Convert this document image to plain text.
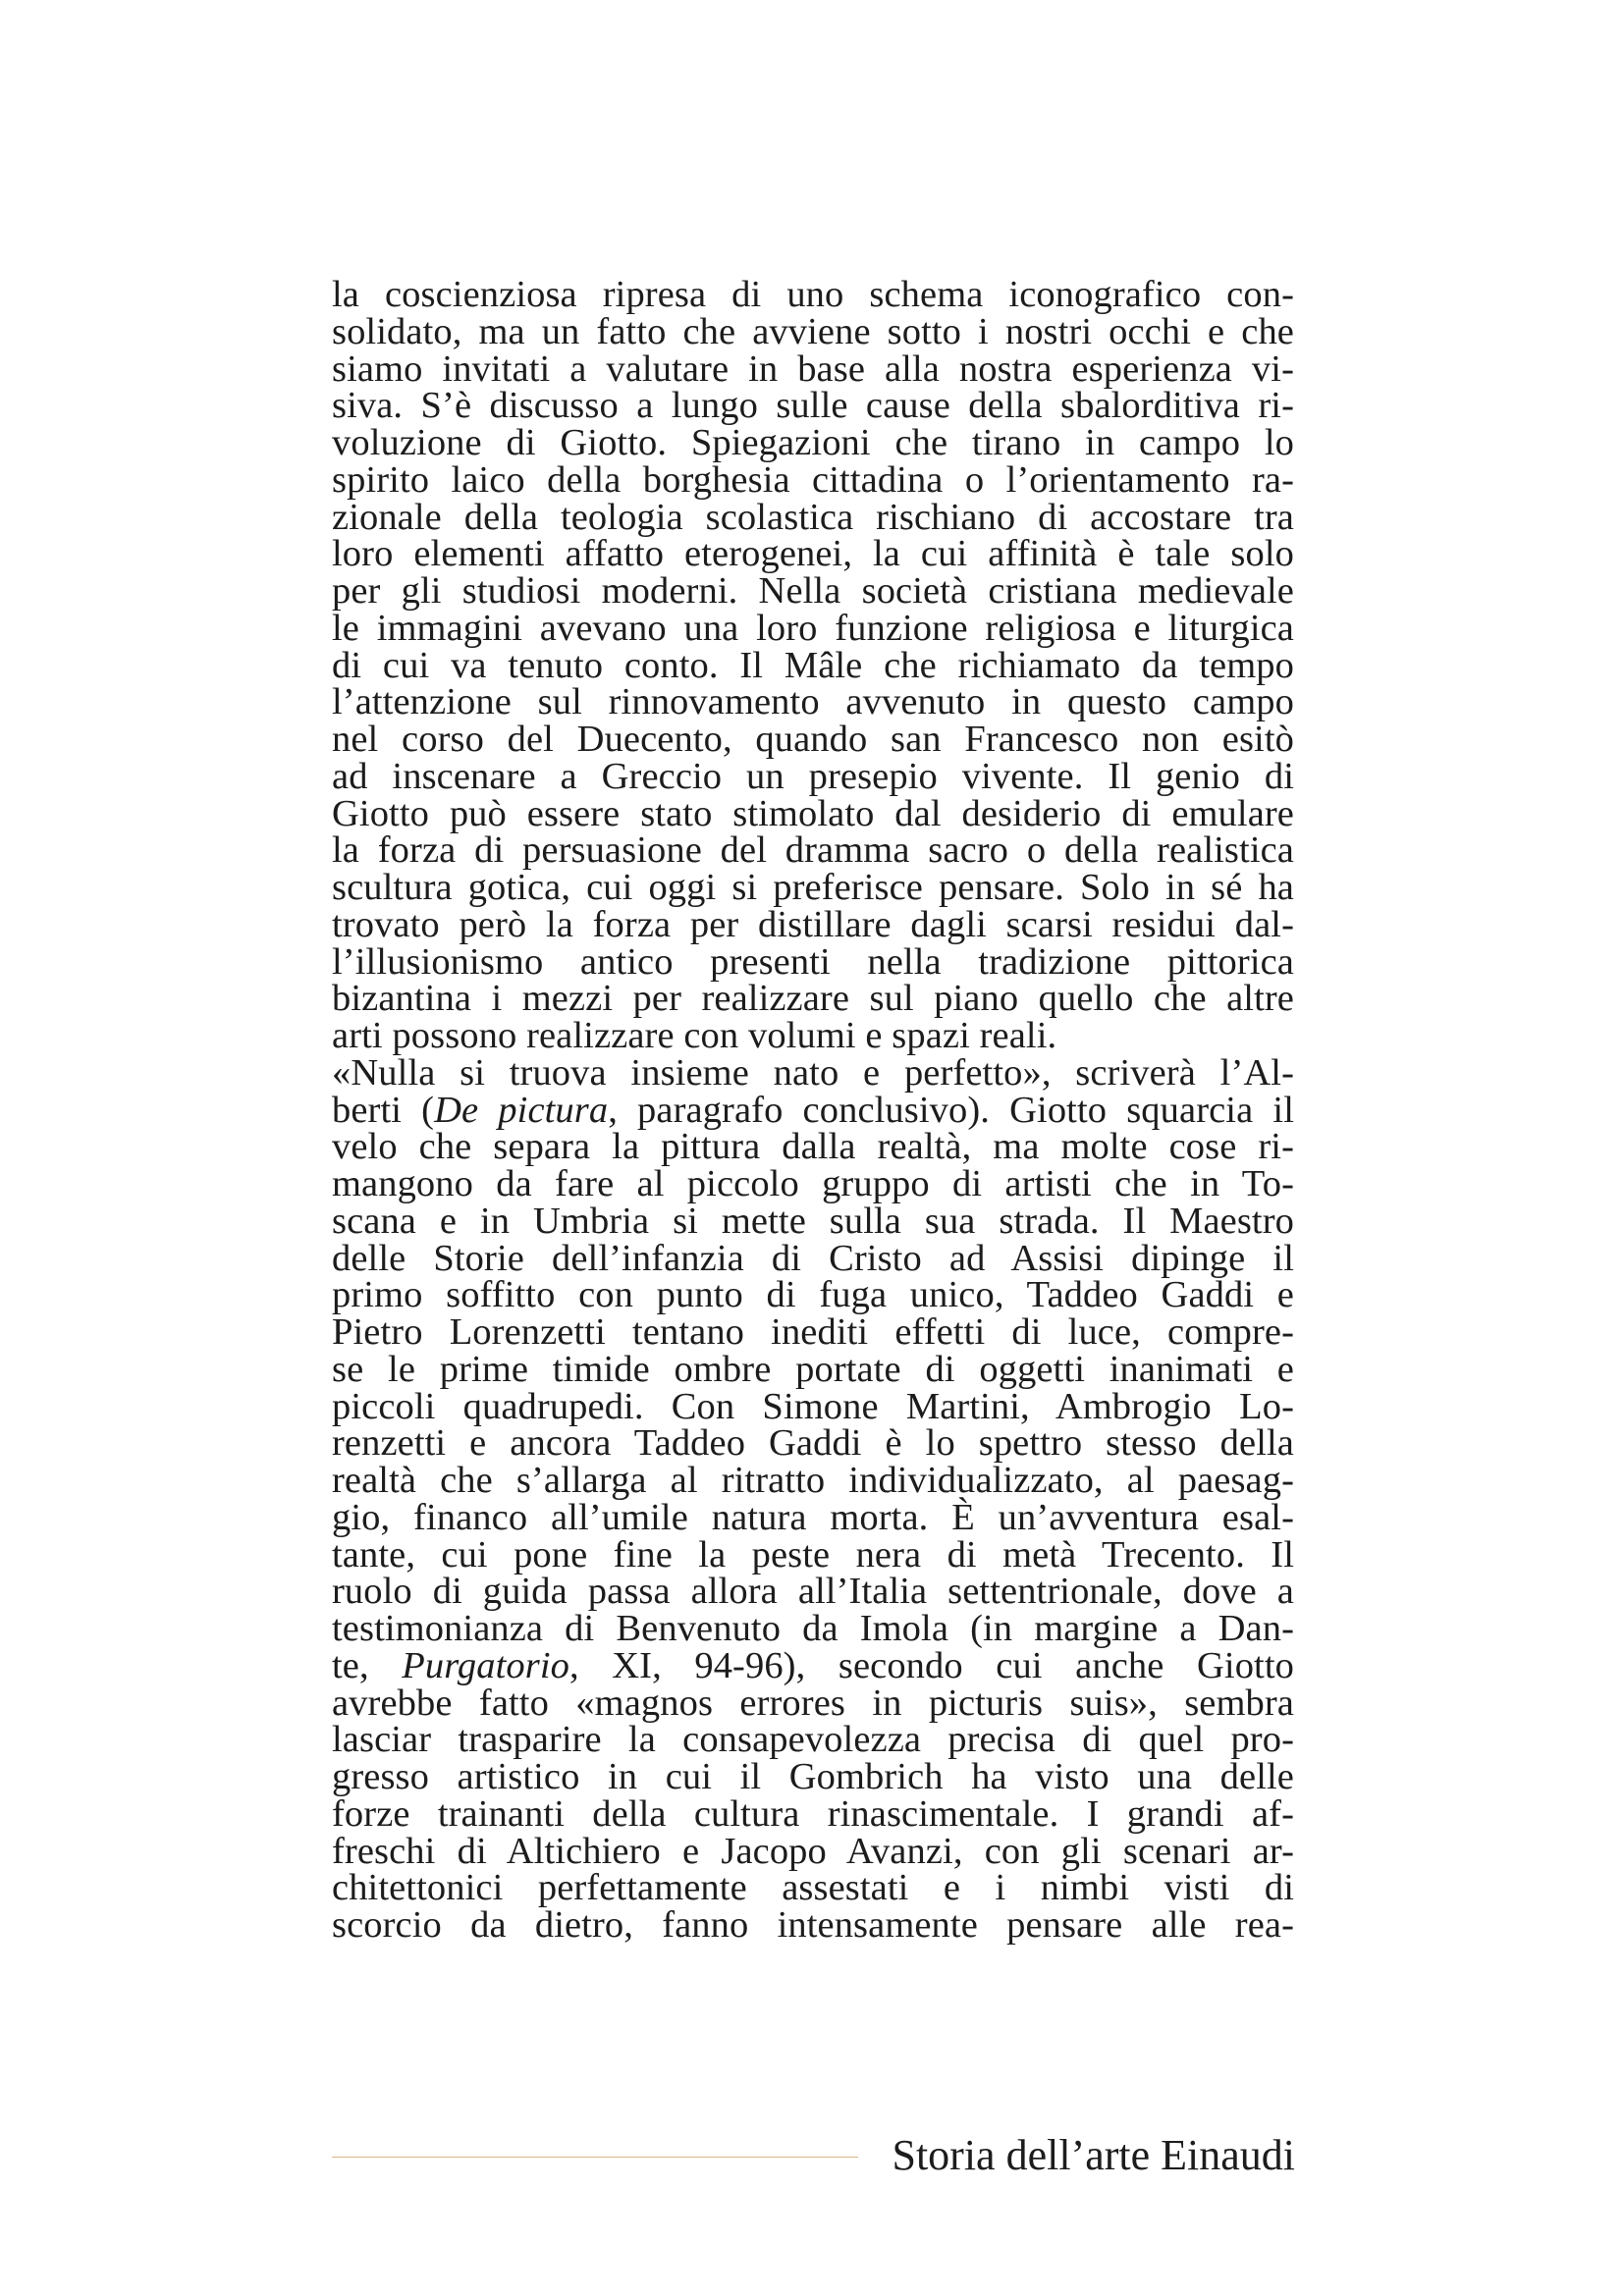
la coscienziosa ripresa di uno schema iconografico con-
solidato, ma un fatto che avviene sotto i nostri occhi e che
siamo invitati a valutare in base alla nostra esperienza vi-
siva. S’è discusso a lungo sulle cause della sbalorditiva ri-
voluzione di Giotto. Spiegazioni che tirano in campo lo
spirito laico della borghesia cittadina o l’orientamento ra-
zionale della teologia scolastica rischiano di accostare tra
loro elementi affatto eterogenei, la cui affinità è tale solo
per gli studiosi moderni. Nella società cristiana medievale
le immagini avevano una loro funzione religiosa e liturgica
di cui va tenuto conto. Il Mâle che richiamato da tempo
l’attenzione sul rinnovamento avvenuto in questo campo
nel corso del Duecento, quando san Francesco non esitò
ad inscenare a Greccio un presepio vivente. Il genio di
Giotto può essere stato stimolato dal desiderio di emulare
la forza di persuasione del dramma sacro o della realistica
scultura gotica, cui oggi si preferisce pensare. Solo in sé ha
trovato però la forza per distillare dagli scarsi residui dal-
l’illusionismo antico presenti nella tradizione pittorica
bizantina i mezzi per realizzare sul piano quello che altre
arti possono realizzare con volumi e spazi reali.
«Nulla si truova insieme nato e perfetto», scriverà l’Al-
berti (De pictura, paragrafo conclusivo). Giotto squarcia il
velo che separa la pittura dalla realtà, ma molte cose ri-
mangono da fare al piccolo gruppo di artisti che in To-
scana e in Umbria si mette sulla sua strada. Il Maestro
delle Storie dell’infanzia di Cristo ad Assisi dipinge il
primo soffitto con punto di fuga unico, Taddeo Gaddi e
Pietro Lorenzetti tentano inediti effetti di luce, compre-
se le prime timide ombre portate di oggetti inanimati e
piccoli quadrupedi. Con Simone Martini, Ambrogio Lo-
renzetti e ancora Taddeo Gaddi è lo spettro stesso della
realtà che s’allarga al ritratto individualizzato, al paesag-
gio, financo all’umile natura morta. È un’avventura esal-
tante, cui pone fine la peste nera di metà Trecento. Il
ruolo di guida passa allora all’Italia settentrionale, dove a
testimonianza di Benvenuto da Imola (in margine a Dan-
te, Purgatorio, XI, 94-96), secondo cui anche Giotto
avrebbe fatto «magnos errores in picturis suis», sembra
lasciar trasparire la consapevolezza precisa di quel pro-
gresso artistico in cui il Gombrich ha visto una delle
forze trainanti della cultura rinascimentale. I grandi af-
freschi di Altichiero e Jacopo Avanzi, con gli scenari ar-
chitettonici perfettamente assestati e i nimbi visti di
scorcio da dietro, fanno intensamente pensare alle rea-
Storia dell’arte Einaudi
